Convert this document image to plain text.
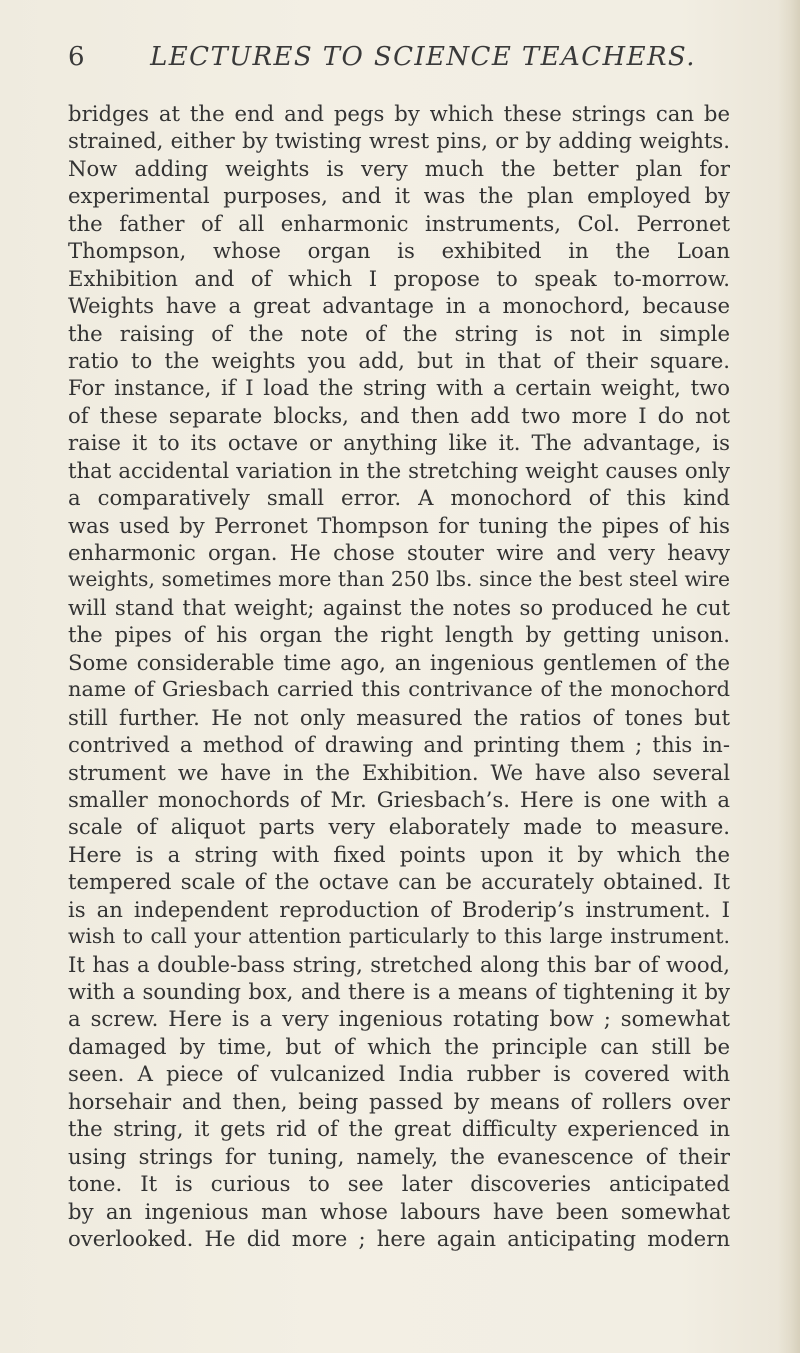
6	LECTURES TO SCIENCE TEACHERS.
bridges at the end and pegs by which these strings can be
strained, either by twisting wrest pins, or by adding weights.
Now adding weights is very much the better plan for
experimental purposes, and it was the plan employed by
the father of all enharmonic instruments, Col. Perronet
Thompson, whose organ is exhibited in the Loan
Exhibition and of which I propose to speak to-morrow.
Weights have a great advantage in a monochord, because
the raising of the note of the string is not in simple
ratio to the weights you add, but in that of their square.
For instance, if I load the string with a certain weight, two
of these separate blocks, and then add two more I do not
raise it to its octave or anything like it. The advantage, is
that accidental variation in the stretching weight causes only
a comparatively small error. A monochord of this kind
was used by Perronet Thompson for tuning the pipes of his
enharmonic organ. He chose stouter wire and very heavy
weights, sometimes more than 250 lbs. since the best steel wire
will stand that weight; against the notes so produced he cut
the pipes of his organ the right length by getting unison.
Some considerable time ago, an ingenious gentlemen of the
name of Griesbach carried this contrivance of the monochord
still further. He not only measured the ratios of tones but
contrived a method of drawing and printing them ; this in-
strument we have in the Exhibition. We have also several
smaller monochords of Mr. Griesbach’s. Here is one with a
scale of aliquot parts very elaborately made to measure.
Here is a string with fixed points upon it by which the
tempered scale of the octave can be accurately obtained. It
is an independent reproduction of Broderip’s instrument. I
wish to call your attention particularly to this large instrument.
It has a double-bass string, stretched along this bar of wood,
with a sounding box, and there is a means of tightening it by
a screw. Here is a very ingenious rotating bow ; somewhat
damaged by time, but of which the principle can still be
seen. A piece of vulcanized India rubber is covered with
horsehair and then, being passed by means of rollers over
the string, it gets rid of the great difficulty experienced in
using strings for tuning, namely, the evanescence of their
tone. It is curious to see later discoveries anticipated
by an ingenious man whose labours have been somewhat
overlooked. He did more ; here again anticipating modern
